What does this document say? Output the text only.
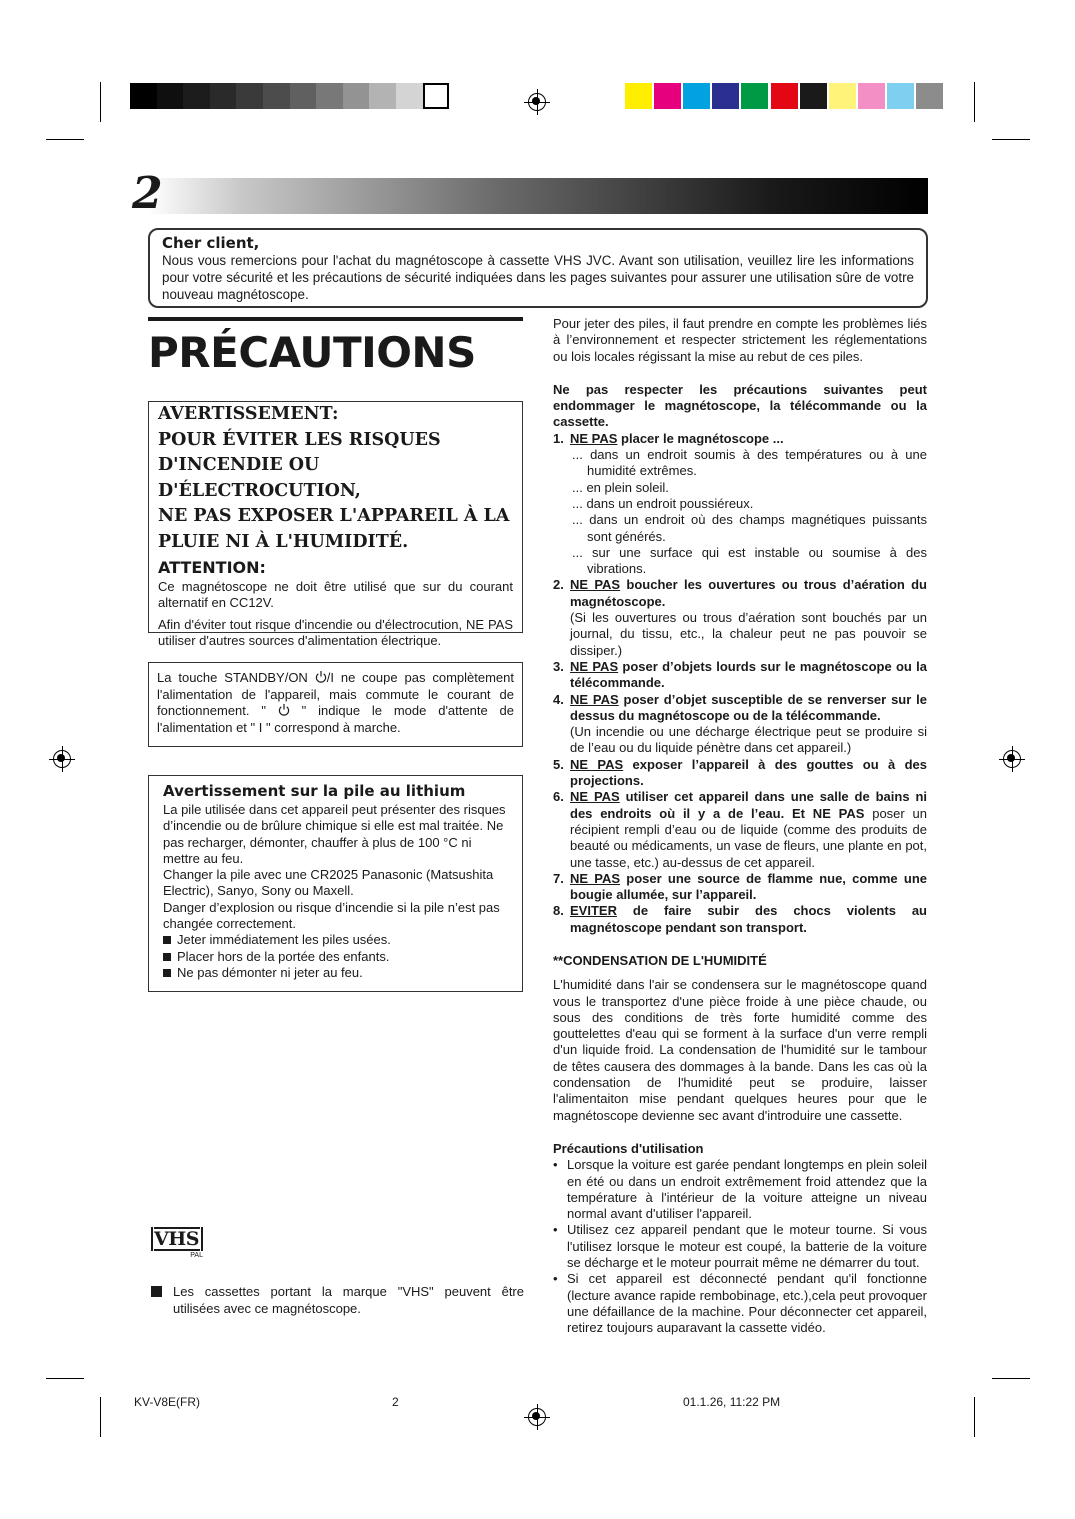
2
Cher client,
Nous vous remercions pour l'achat du magnétoscope à cassette VHS JVC. Avant son utilisation, veuillez lire les informations pour votre sécurité et les précautions de sécurité indiquées dans les pages suivantes pour assurer une utilisation sûre de votre nouveau magnétoscope.
PRÉCAUTIONS
AVERTISSEMENT:
POUR ÉVITER LES RISQUES
D'INCENDIE OU D'ÉLECTROCUTION,
NE PAS EXPOSER L'APPAREIL À LA
PLUIE NI À L'HUMIDITÉ.
ATTENTION:

Ce magnétoscope ne doit être utilisé que sur du courant alternatif en CC12V.

Afin d'éviter tout risque d'incendie ou d'électrocution, NE PAS utiliser d'autres sources d'alimentation électrique.

La touche STANDBY/ON /I ne coupe pas complètement l'alimentation de l'appareil, mais commute le courant de fonctionnement. "  " indique le mode d'attente de l'alimentation et " I " correspond à marche.

Avertissement sur la pile au lithium

La pile utilisée dans cet appareil peut présenter des risques d’incendie ou de brûlure chimique si elle est mal traitée. Ne pas recharger, démonter, chauffer à plus de 100 °C ni mettre au feu.

Changer la pile avec une CR2025 Panasonic (Matsushita Electric), Sanyo, Sony ou Maxell.

Danger d’explosion ou risque d’incendie si la pile n’est pas changée correctement.

Jeter immédiatement les piles usées.
Placer hors de la portée des enfants.
Ne pas démonter ni jeter au feu.
VHS
PAL
Les cassettes portant la marque "VHS" peuvent être utilisées avec ce magnétoscope.

Pour jeter des piles, il faut prendre en compte les problèmes liés à l’environnement et respecter strictement les réglementations ou lois locales régissant la mise au rebut de ces piles.

Ne pas respecter les précautions suivantes peut endommager le magnétoscope, la télécommande ou la cassette.

1. NE PAS placer le magnétoscope ...
... dans un endroit soumis à des températures ou à une humidité extrêmes.
... en plein soleil.
... dans un endroit poussiéreux.
... dans un endroit où des champs magnétiques puissants sont générés.
... sur une surface qui est instable ou soumise à des vibrations.
2. NE PAS boucher les ouvertures ou trous d’aération du magnétoscope.
(Si les ouvertures ou trous d’aération sont bouchés par un journal, du tissu, etc., la chaleur peut ne pas pouvoir se dissiper.)
3. NE PAS poser d’objets lourds sur le magnétoscope ou la télécommande.
4. NE PAS poser d’objet susceptible de se renverser sur le dessus du magnétoscope ou de la télécommande.
(Un incendie ou une décharge électrique peut se produire si de l’eau ou du liquide pénètre dans cet appareil.)
5. NE PAS exposer l’appareil à des gouttes ou à des projections.
6. NE PAS utiliser cet appareil dans une salle de bains ni des endroits où il y a de l’eau. Et NE PAS poser un récipient rempli d’eau ou de liquide (comme des produits de beauté ou médicaments, un vase de fleurs, une plante en pot, une tasse, etc.) au-dessus de cet appareil.
7. NE PAS poser une source de flamme nue, comme une bougie allumée, sur l’appareil.
8. EVITER de faire subir des chocs violents au magnétoscope pendant son transport.

**CONDENSATION DE L'HUMIDITÉ

L'humidité dans l'air se condensera sur le magnétoscope quand vous le transportez d'une pièce froide à une pièce chaude, ou sous des conditions de très forte humidité comme des gouttelettes d'eau qui se forment à la surface d'un verre rempli d'un liquide froid. La condensation de l'humidité sur le tambour de têtes causera des dommages à la bande. Dans les cas où la condensation de l'humidité peut se produire, laisser l'alimentaiton mise pendant quelques heures pour que le magnétoscope devienne sec avant d'introduire une cassette.

Précautions d'utilisation

• Lorsque la voiture est garée pendant longtemps en plein soleil en été ou dans un endroit extrêmement froid attendez que la température à l'intérieur de la voiture atteigne un niveau normal avant d'utiliser l'appareil.
• Utilisez cez appareil pendant que le moteur tourne. Si vous l'utilisez lorsque le moteur est coupé, la batterie de la voiture se décharge et le moteur pourrait même ne démarrer du tout.
• Si cet appareil est déconnecté pendant qu'il fonctionne (lecture avance rapide rembobinage, etc.),cela peut provoquer une défaillance de la machine. Pour déconnecter cet appareil, retirez toujours auparavant la cassette vidéo.
KV-V8E(FR)	2	01.1.26, 11:22 PM
